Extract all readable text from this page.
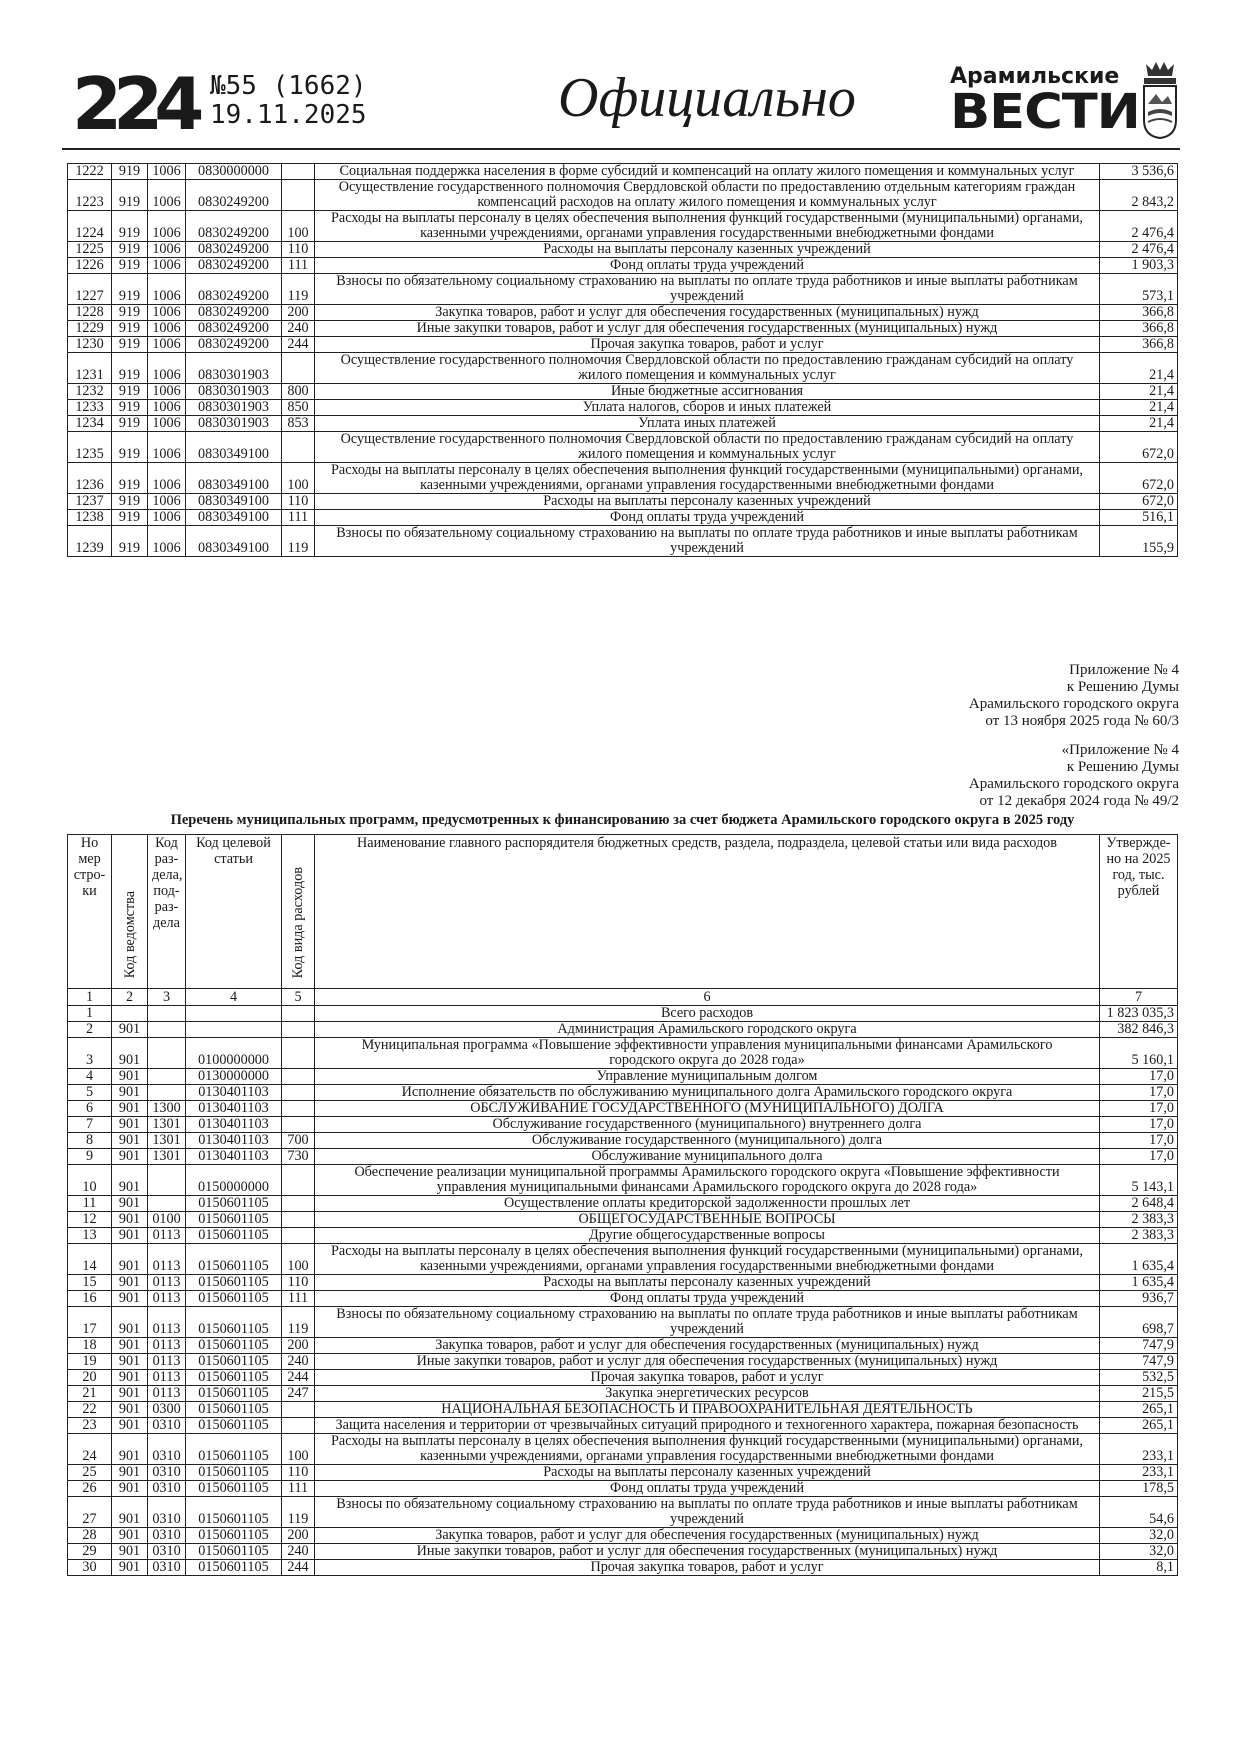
224 №55 (1662)
19.11.2025	Официально	Арамильские
ВЕСТИ
1222	919	1006	0830000000		Социальная поддержка населения в форме субсидий и компенсаций на оплату жилого помещения и коммунальных услуг	3 536,6
1223	919	1006	0830249200		Осуществление государственного полномочия Свердловской области по предоставлению отдельным категориям граждан компенсаций расходов на оплату жилого помещения и коммунальных услуг	2 843,2
1224	919	1006	0830249200	100	Расходы на выплаты персоналу в целях обеспечения выполнения функций государственными (муниципальными) органами, казенными учреждениями, органами управления государственными внебюджетными фондами	2 476,4
1225	919	1006	0830249200	110	Расходы на выплаты персоналу казенных учреждений	2 476,4
1226	919	1006	0830249200	111	Фонд оплаты труда учреждений	1 903,3
1227	919	1006	0830249200	119	Взносы по обязательному социальному страхованию на выплаты по оплате труда работников и иные выплаты работникам учреждений	573,1
1228	919	1006	0830249200	200	Закупка товаров, работ и услуг для обеспечения государственных (муниципальных) нужд	366,8
1229	919	1006	0830249200	240	Иные закупки товаров, работ и услуг для обеспечения государственных (муниципальных) нужд	366,8
1230	919	1006	0830249200	244	Прочая закупка товаров, работ и услуг	366,8
1231	919	1006	0830301903		Осуществление государственного полномочия Свердловской области по предоставлению гражданам субсидий на оплату жилого помещения и коммунальных услуг	21,4
1232	919	1006	0830301903	800	Иные бюджетные ассигнования	21,4
1233	919	1006	0830301903	850	Уплата налогов, сборов и иных платежей	21,4
1234	919	1006	0830301903	853	Уплата иных платежей	21,4
1235	919	1006	0830349100		Осуществление государственного полномочия Свердловской области по предоставлению гражданам субсидий на оплату жилого помещения и коммунальных услуг	672,0
1236	919	1006	0830349100	100	Расходы на выплаты персоналу в целях обеспечения выполнения функций государственными (муниципальными) органами, казенными учреждениями, органами управления государственными внебюджетными фондами	672,0
1237	919	1006	0830349100	110	Расходы на выплаты персоналу казенных учреждений	672,0
1238	919	1006	0830349100	111	Фонд оплаты труда учреждений	516,1
1239	919	1006	0830349100	119	Взносы по обязательному социальному страхованию на выплаты по оплате труда работников и иные выплаты работникам учреждений	155,9
Приложение № 4
к Решению Думы
Арамильского городского округа
от 13 ноября 2025 года № 60/3
«Приложение № 4
к Решению Думы
Арамильского городского округа
от 12 декабря 2024 года № 49/2
Перечень муниципальных программ, предусмотренных к финансированию за счет бюджета Арамильского городского округа в 2025 году
Но мер стро- ки	Код ведомства	Код раз- дела, под- раз- дела	Код целевой статьи	Код вида расходов	Наименование главного распорядителя бюджетных средств, раздела, подраздела, целевой статьи или вида расходов	Утвержде- но на 2025 год, тыс. рублей
1	2	3	4	5	6	7
1					Всего расходов	1 823 035,3
2	901				Администрация Арамильского городского округа	382 846,3
3	901		0100000000		Муниципальная программа «Повышение эффективности управления муниципальными финансами Арамильского городского округа до 2028 года»	5 160,1
4	901		0130000000		Управление муниципальным долгом	17,0
5	901		0130401103		Исполнение обязательств по обслуживанию муниципального долга Арамильского городского округа	17,0
6	901	1300	0130401103		ОБСЛУЖИВАНИЕ ГОСУДАРСТВЕННОГО (МУНИЦИПАЛЬНОГО) ДОЛГА	17,0
7	901	1301	0130401103		Обслуживание государственного (муниципального) внутреннего долга	17,0
8	901	1301	0130401103	700	Обслуживание государственного (муниципального) долга	17,0
9	901	1301	0130401103	730	Обслуживание муниципального долга	17,0
10	901		0150000000		Обеспечение реализации муниципальной программы Арамильского городского округа «Повышение эффективности управления муниципальными финансами Арамильского городского округа до 2028 года»	5 143,1
11	901		0150601105		Осуществление оплаты кредиторской задолженности прошлых лет	2 648,4
12	901	0100	0150601105		ОБЩЕГОСУДАРСТВЕННЫЕ ВОПРОСЫ	2 383,3
13	901	0113	0150601105		Другие общегосударственные вопросы	2 383,3
14	901	0113	0150601105	100	Расходы на выплаты персоналу в целях обеспечения выполнения функций государственными (муниципальными) органами, казенными учреждениями, органами управления государственными внебюджетными фондами	1 635,4
15	901	0113	0150601105	110	Расходы на выплаты персоналу казенных учреждений	1 635,4
16	901	0113	0150601105	111	Фонд оплаты труда учреждений	936,7
17	901	0113	0150601105	119	Взносы по обязательному социальному страхованию на выплаты по оплате труда работников и иные выплаты работникам учреждений	698,7
18	901	0113	0150601105	200	Закупка товаров, работ и услуг для обеспечения государственных (муниципальных) нужд	747,9
19	901	0113	0150601105	240	Иные закупки товаров, работ и услуг для обеспечения государственных (муниципальных) нужд	747,9
20	901	0113	0150601105	244	Прочая закупка товаров, работ и услуг	532,5
21	901	0113	0150601105	247	Закупка энергетических ресурсов	215,5
22	901	0300	0150601105		НАЦИОНАЛЬНАЯ БЕЗОПАСНОСТЬ И ПРАВООХРАНИТЕЛЬНАЯ ДЕЯТЕЛЬНОСТЬ	265,1
23	901	0310	0150601105		Защита населения и территории от чрезвычайных ситуаций природного и техногенного характера, пожарная безопасность	265,1
24	901	0310	0150601105	100	Расходы на выплаты персоналу в целях обеспечения выполнения функций государственными (муниципальными) органами, казенными учреждениями, органами управления государственными внебюджетными фондами	233,1
25	901	0310	0150601105	110	Расходы на выплаты персоналу казенных учреждений	233,1
26	901	0310	0150601105	111	Фонд оплаты труда учреждений	178,5
27	901	0310	0150601105	119	Взносы по обязательному социальному страхованию на выплаты по оплате труда работников и иные выплаты работникам учреждений	54,6
28	901	0310	0150601105	200	Закупка товаров, работ и услуг для обеспечения государственных (муниципальных) нужд	32,0
29	901	0310	0150601105	240	Иные закупки товаров, работ и услуг для обеспечения государственных (муниципальных) нужд	32,0
30	901	0310	0150601105	244	Прочая закупка товаров, работ и услуг	8,1
